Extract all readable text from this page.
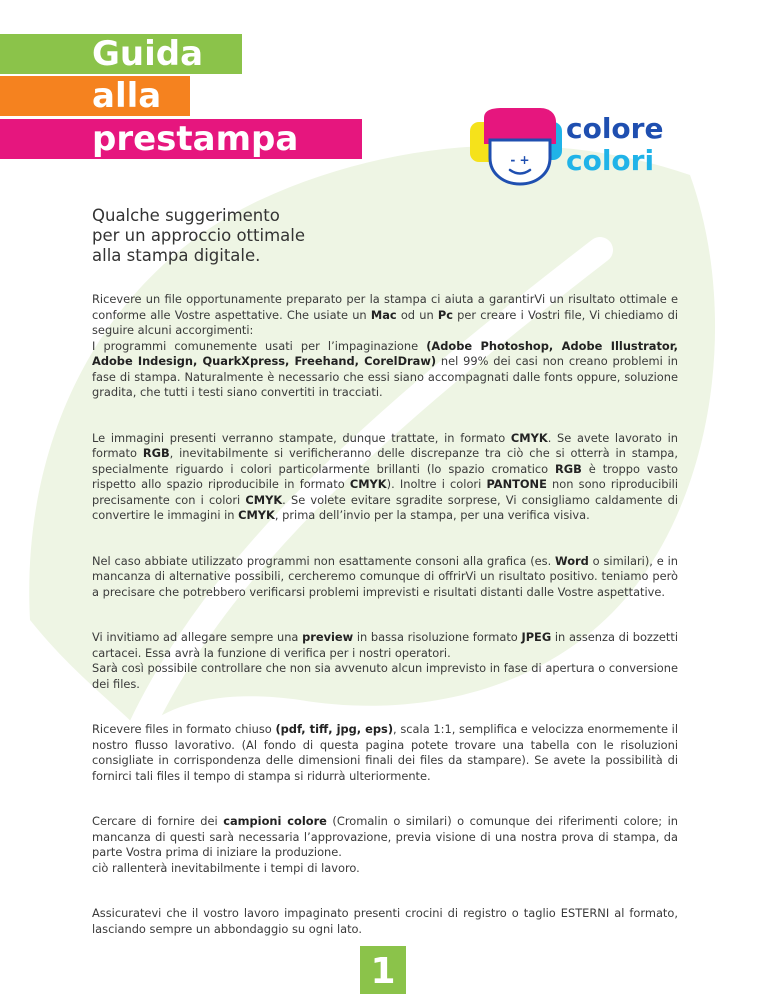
Guida
alla
prestampa
- +
colore
colori
Qualche suggerimento
per un approccio ottimale
alla stampa digitale.

Ricevere un file opportunamente preparato per la stampa ci aiuta a garantirVi un risultato ottimale e conforme alle Vostre aspettative. Che usiate un Mac od un Pc per creare i Vostri file, Vi chiediamo di seguire alcuni accorgimenti:
I programmi comunemente usati per l’impaginazione (Adobe Photoshop, Adobe Illustrator, Adobe Indesign, QuarkXpress, Freehand, CorelDraw) nel 99% dei casi non creano problemi in fase di stampa. Naturalmente è necessario che essi siano accompagnati dalle fonts oppure, soluzione gradita, che tutti i testi siano convertiti in tracciati.

Le immagini presenti verranno stampate, dunque trattate, in formato CMYK. Se avete lavorato in formato RGB, inevitabilmente si verificheranno delle discrepanze tra ciò che si otterrà in stampa, specialmente riguardo i colori particolarmente brillanti (lo spazio cromatico RGB è troppo vasto rispetto allo spazio riproducibile in formato CMYK). Inoltre i colori PANTONE non sono riproducibili precisamente con i colori CMYK. Se volete evitare sgradite sorprese, Vi consigliamo caldamente di convertire le immagini in CMYK, prima dell’invio per la stampa, per una verifica visiva.

Nel caso abbiate utilizzato programmi non esattamente consoni alla grafica (es. Word o similari), e in mancanza di alternative possibili, cercheremo comunque di offrirVi un risultato positivo. teniamo però a precisare che potrebbero verificarsi problemi imprevisti e risultati distanti dalle Vostre aspettative.

Vi invitiamo ad allegare sempre una preview in bassa risoluzione formato JPEG in assenza di bozzetti cartacei. Essa avrà la funzione di verifica per i nostri operatori.
Sarà così possibile controllare che non sia avvenuto alcun imprevisto in fase di apertura o conversione dei files.

Ricevere files in formato chiuso (pdf, tiff, jpg, eps), scala 1:1, semplifica e velocizza enormemente il nostro flusso lavorativo. (Al fondo di questa pagina potete trovare una tabella con le risoluzioni consigliate in corrispondenza delle dimensioni finali dei files da stampare). Se avete la possibilità di fornirci tali files il tempo di stampa si ridurrà ulteriormente.

Cercare di fornire dei campioni colore (Cromalin o similari) o comunque dei riferimenti colore; in mancanza di questi sarà necessaria l’approvazione, previa visione di una nostra prova di stampa, da parte Vostra prima di iniziare la produzione.
ciò rallenterà inevitabilmente i tempi di lavoro.

Assicuratevi che il vostro lavoro impaginato presenti crocini di registro o taglio ESTERNI al formato, lasciando sempre un abbondaggio su ogni lato.

1
